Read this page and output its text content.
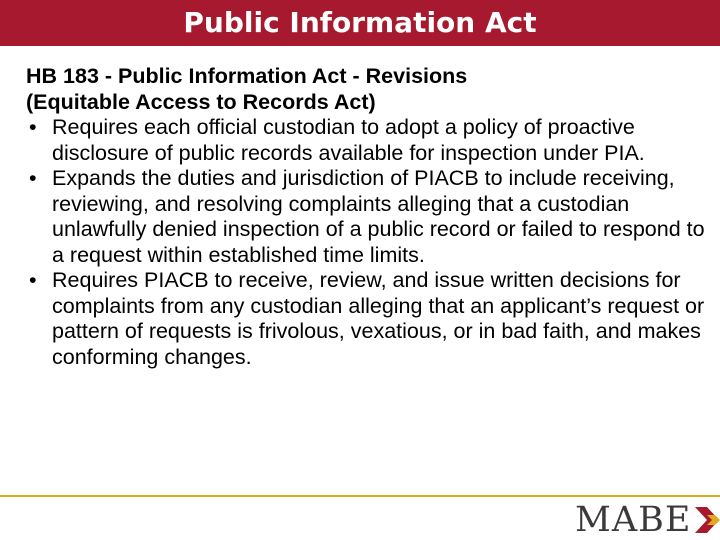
Public Information Act

HB 183 - Public Information Act - Revisions
(Equitable Access to Records Act)

• Requires each official custodian to adopt a policy of proactive disclosure of public records available for inspection under PIA.
• Expands the duties and jurisdiction of PIACB to include receiving, reviewing, and resolving complaints alleging that a custodian unlawfully denied inspection of a public record or failed to respond to a request within established time limits.
• Requires PIACB to receive, review, and issue written decisions for complaints from any custodian alleging that an applicant’s request or pattern of requests is frivolous, vexatious, or in bad faith, and makes conforming changes.
MABE
